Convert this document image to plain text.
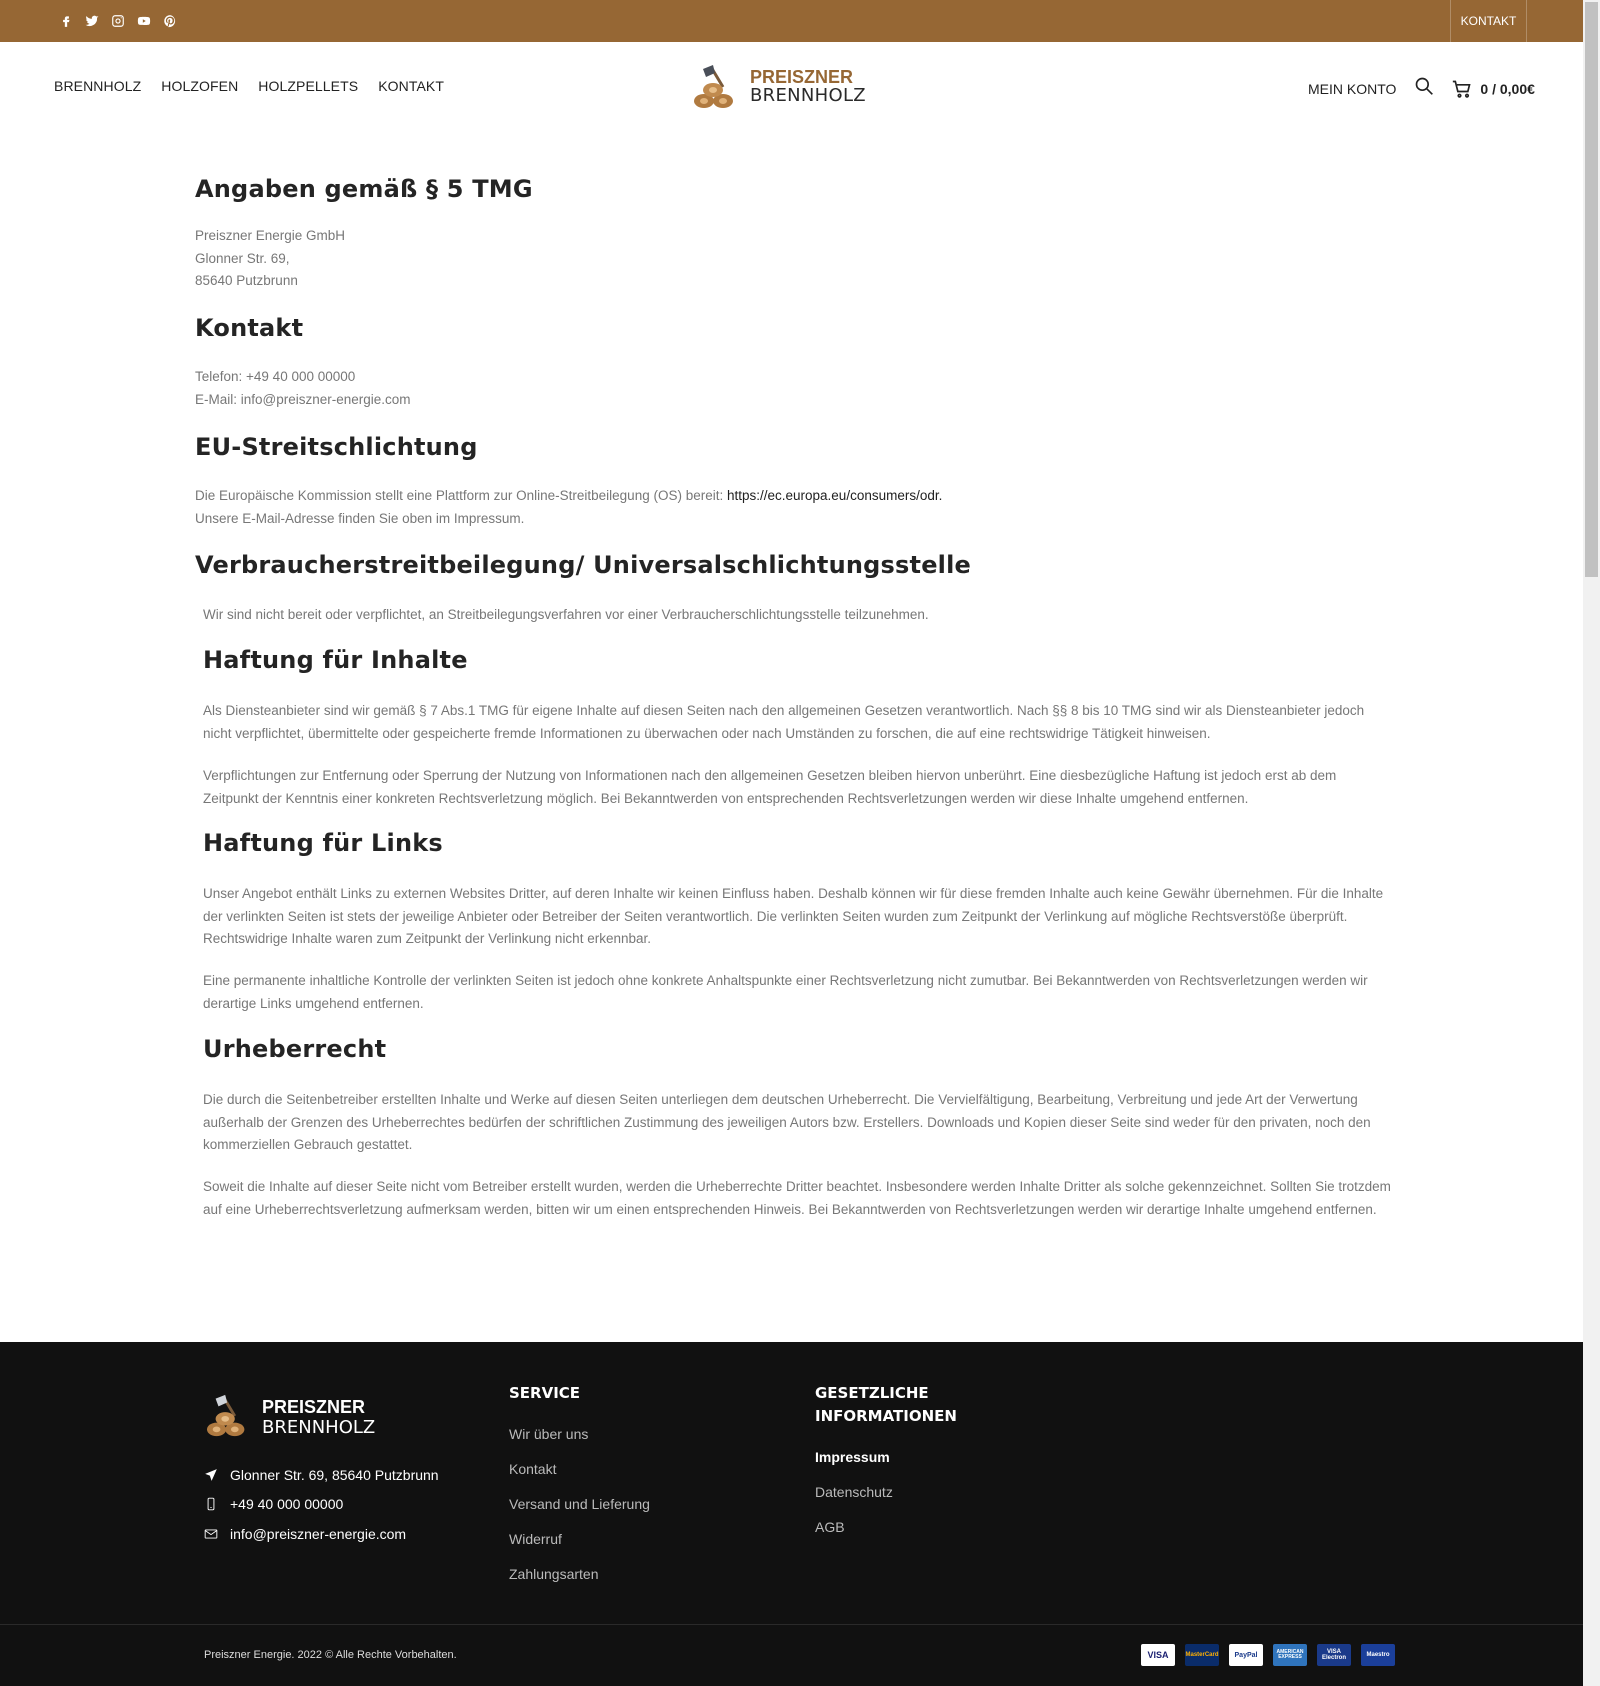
KONTAKT
BRENNHOLZ HOLZOFEN HOLZPELLETS KONTAKT	PREISZNER
BRENNHOLZ	MEIN KONTO	0 / 0,00€
Angaben gemäß § 5 TMG

Preiszner Energie GmbH

Glonner Str. 69,

85640 Putzbrunn

Kontakt

Telefon: +49 40 000 00000

E-Mail: info@preiszner-energie.com

EU-Streitschlichtung

Die Europäische Kommission stellt eine Plattform zur Online-Streitbeilegung (OS) bereit: https://ec.europa.eu/consumers/odr.

Unsere E-Mail-Adresse finden Sie oben im Impressum.

Verbraucherstreitbeilegung/ Universalschlichtungsstelle

Wir sind nicht bereit oder verpflichtet, an Streitbeilegungsverfahren vor einer Verbraucherschlichtungsstelle teilzunehmen.

Haftung für Inhalte

Als Diensteanbieter sind wir gemäß § 7 Abs.1 TMG für eigene Inhalte auf diesen Seiten nach den allgemeinen Gesetzen verantwortlich. Nach §§ 8 bis 10 TMG sind wir als Diensteanbieter jedoch nicht verpflichtet, übermittelte oder gespeicherte fremde Informationen zu überwachen oder nach Umständen zu forschen, die auf eine rechtswidrige Tätigkeit hinweisen.

Verpflichtungen zur Entfernung oder Sperrung der Nutzung von Informationen nach den allgemeinen Gesetzen bleiben hiervon unberührt. Eine diesbezügliche Haftung ist jedoch erst ab dem Zeitpunkt der Kenntnis einer konkreten Rechtsverletzung möglich. Bei Bekanntwerden von entsprechenden Rechtsverletzungen werden wir diese Inhalte umgehend entfernen.

Haftung für Links

Unser Angebot enthält Links zu externen Websites Dritter, auf deren Inhalte wir keinen Einfluss haben. Deshalb können wir für diese fremden Inhalte auch keine Gewähr übernehmen. Für die Inhalte der verlinkten Seiten ist stets der jeweilige Anbieter oder Betreiber der Seiten verantwortlich. Die verlinkten Seiten wurden zum Zeitpunkt der Verlinkung auf mögliche Rechtsverstöße überprüft. Rechtswidrige Inhalte waren zum Zeitpunkt der Verlinkung nicht erkennbar.

Eine permanente inhaltliche Kontrolle der verlinkten Seiten ist jedoch ohne konkrete Anhaltspunkte einer Rechtsverletzung nicht zumutbar. Bei Bekanntwerden von Rechtsverletzungen werden wir derartige Links umgehend entfernen.

Urheberrecht

Die durch die Seitenbetreiber erstellten Inhalte und Werke auf diesen Seiten unterliegen dem deutschen Urheberrecht. Die Vervielfältigung, Bearbeitung, Verbreitung und jede Art der Verwertung außerhalb der Grenzen des Urheberrechtes bedürfen der schriftlichen Zustimmung des jeweiligen Autors bzw. Erstellers. Downloads und Kopien dieser Seite sind weder für den privaten, noch den kommerziellen Gebrauch gestattet.

Soweit die Inhalte auf dieser Seite nicht vom Betreiber erstellt wurden, werden die Urheberrechte Dritter beachtet. Insbesondere werden Inhalte Dritter als solche gekennzeichnet. Sollten Sie trotzdem auf eine Urheberrechtsverletzung aufmerksam werden, bitten wir um einen entsprechenden Hinweis. Bei Bekanntwerden von Rechtsverletzungen werden wir derartige Inhalte umgehend entfernen.

PREISZNER
BRENNHOLZ
Glonner Str. 69, 85640 Putzbrunn
+49 40 000 00000
info@preiszner-energie.com
SERVICE
Wir über uns
Kontakt
Versand und Lieferung
Widerruf
Zahlungsarten
GESETZLICHE
INFORMATIONEN
Impressum
Datenschutz
AGB
Preiszner Energie. 2022 © Alle Rechte Vorbehalten.	VISA	MasterCard	PayPal	AMERICAN EXPRESS
VISA Electron	Maestro
